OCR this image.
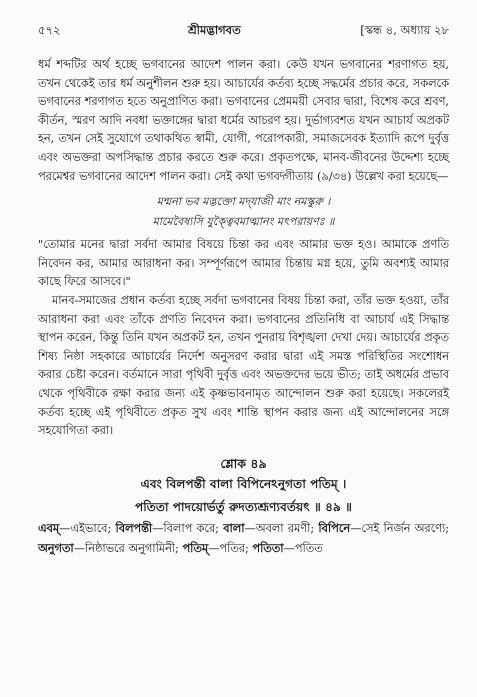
৫৭২	শ্রীমদ্ভাগবত	[স্কন্ধ ৪, অধ্যায় ২৮

ধর্ম শব্দটির অর্থ হচ্ছে ভগবানের আদেশ পালন করা। কেউ যখন ভগবানের শরণাগত হয়, তখন থেকেই তার ধর্ম অনুশীলন শুরু হয়। আচার্যের কর্তব্য হচ্ছে সদ্ধর্মের প্রচার করে, সকলকে ভগবানের শরণাগত হতে অনুপ্রাণিত করা। ভগবানের প্রেমময়ী সেবার দ্বারা, বিশেষ করে শ্রবণ, কীর্তন, স্মরণ আদি নবধা ভক্তাঙ্গের দ্বারা ধর্মের আচরণ হয়। দুর্ভাগ্যবশত যখন আচার্য অপ্রকট হন, তখন সেই সুযোগে তথাকথিত স্বামী, যোগী, পরোপকারী, সমাজসেবক ইত্যাদি রূপে দুর্বৃত্ত এবং অভক্তরা অপসিদ্ধান্ত প্রচার করতে শুরু করে। প্রকৃতপক্ষে, মানব-জীবনের উদ্দেশ্য হচ্ছে পরমেশ্বর ভগবানের আদেশ পালন করা। সেই কথা ভগবদ্গীতায় (৯/৩৪) উল্লেখ করা হয়েছে—

মন্মনা ভব মদ্ভক্তো মদ্‌যাজী মাং নমস্কুরু ।
মামেবৈষ্যসি যুক্ত্বৈবমাত্মানং মৎপরায়ণঃ ॥

"তোমার মনের দ্বারা সর্বদা আমার বিষয়ে চিন্তা কর এবং আমার ভক্ত হও। আমাকে প্রণতি নিবেদন কর, আমার আরাধনা কর। সম্পূর্ণরূপে আমার চিন্তায় মগ্ন হয়ে, তুমি অবশ্যই আমার কাছে ফিরে আসবে।"

মানব-সমাজের প্রধান কর্তব্য হচ্ছে সর্বদা ভগবানের বিষয় চিন্তা করা, তাঁর ভক্ত হওয়া, তাঁর আরাধনা করা এবং তাঁকে প্রণতি নিবেদন করা। ভগবানের প্রতিনিধি বা আচার্য এই সিদ্ধান্ত স্থাপন করেন, কিন্তু তিনি যখন অপ্রকট হন, তখন পুনরায় বিশৃঙ্খলা দেখা দেয়। আচার্যের প্রকৃত শিষ্য নিষ্ঠা সহকারে আচার্যের নির্দেশ অনুসরণ করার দ্বারা এই সমস্ত পরিস্থিতির সংশোধন করার চেষ্টা করেন। বর্তমানে সারা পৃথিবী দুর্বৃত্ত এবং অভক্তদের ভয়ে ভীত; তাই অধর্মের প্রভাব থেকে পৃথিবীকে রক্ষা করার জন্য এই কৃষ্ণভাবনামৃত আন্দোলন শুরু করা হয়েছে। সকলেরই কর্তব্য হচ্ছে এই পৃথিবীতে প্রকৃত সুখ এবং শান্তি স্থাপন করার জন্য এই আন্দোলনের সঙ্গে সহযোগিতা করা।

শ্লোক ৪৯
এবং বিলপন্তী বালা বিপিনেঽনুগতা পতিম্ ।
পতিতা পাদয়োর্ভর্তু রুদত্যশ্রূণ্যবর্তয়ৎ ॥ ৪৯ ॥

এবম্—এইভাবে; বিলপন্তী—বিলাপ করে; বালা—অবলা রমণী; বিপিনে—সেই নির্জন অরণ্যে; অনুগতা—নিষ্ঠাভরে অনুগামিনী; পতিম্—পতির; পতিতা—পতিত
